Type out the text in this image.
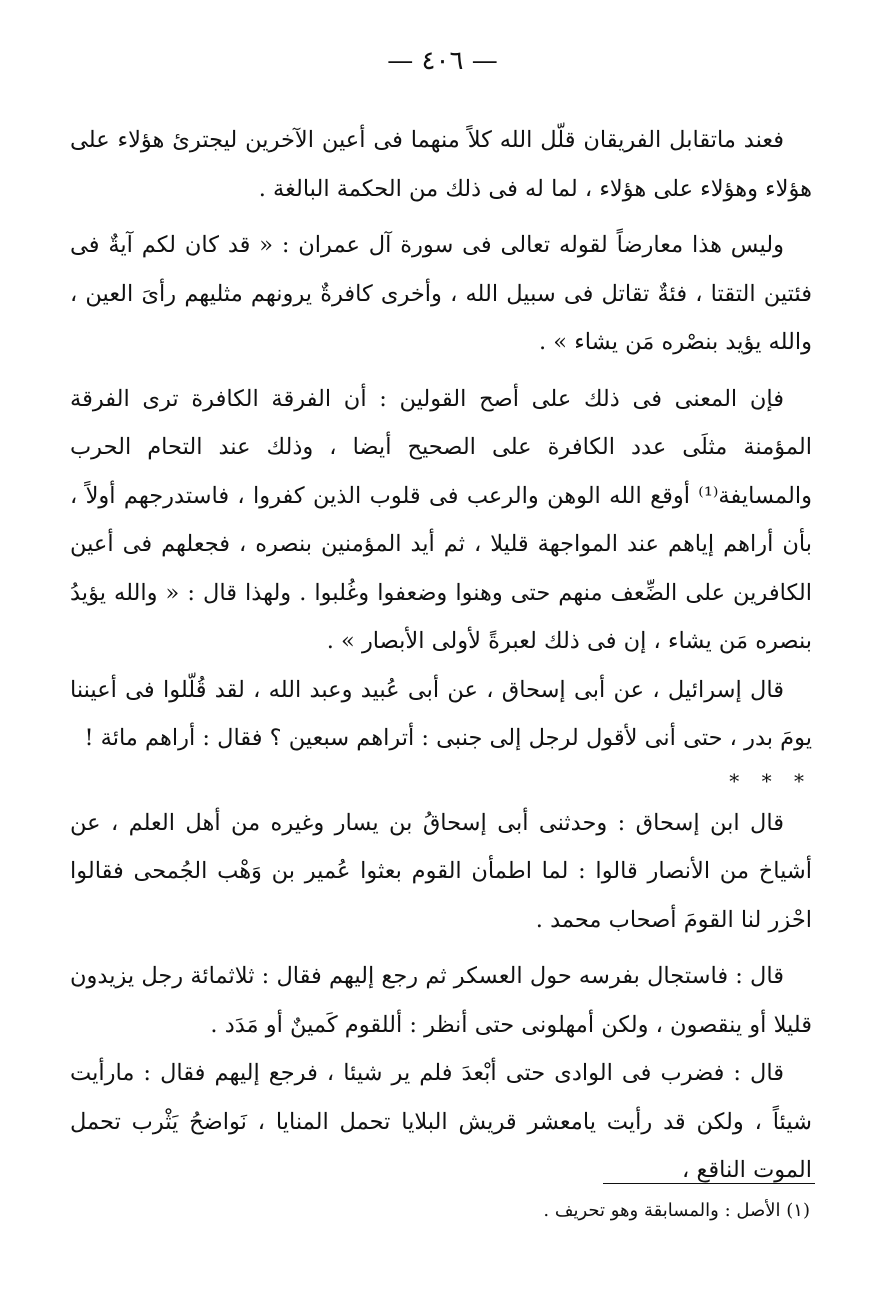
— ٤٠٦ —

فعند ماتقابل الفريقان قلّل الله كلاً منهما فى أعين الآخرين ليجترئ هؤلاء على هؤلاء وهؤلاء على هؤلاء ، لما له فى ذلك من الحكمة البالغة .

وليس هذا معارضاً لقوله تعالى فى سورة آل عمران : « قد كان لكم آيةٌ فى فئتين التقتا ، فئةٌ تقاتل فى سبيل الله ، وأخرى كافرةٌ يرونهم مثليهم رأىَ العين ، والله يؤيد بنصْره مَن يشاء » .

فإن المعنى فى ذلك على أصح القولين : أن الفرقة الكافرة ترى الفرقة المؤمنة مثلَى عدد الكافرة على الصحيح أيضا ، وذلك عند التحام الحرب والمسايفة⁽¹⁾ أوقع الله الوهن والرعب فى قلوب الذين كفروا ، فاستدرجهم أولاً ، بأن أراهم إياهم عند المواجهة قليلا ، ثم أيد المؤمنين بنصره ، فجعلهم فى أعين الكافرين على الضِّعف منهم حتى وهنوا وضعفوا وغُلبوا . ولهذا قال : « والله يؤيدُ بنصره مَن يشاء ، إن فى ذلك لعبرةً لأولى الأبصار » .

قال إسرائيل ، عن أبى إسحاق ، عن أبى عُبيد وعبد الله ، لقد قُلّلوا فى أعيننا يومَ بدر ، حتى أنى لأقول لرجل إلى جنبى : أتراهم سبعين ؟ فقال : أراهم مائة !

* * *

قال ابن إسحاق : وحدثنى أبى إسحاقُ بن يسار وغيره من أهل العلم ، عن أشياخ من الأنصار قالوا : لما اطمأن القوم بعثوا عُمير بن وَهْب الجُمحى فقالوا احْزر لنا القومَ أصحاب محمد .

قال : فاستجال بفرسه حول العسكر ثم رجع إليهم فقال : ثلاثمائة رجل يزيدون قليلا أو ينقصون ، ولكن أمهلونى حتى أنظر : أللقوم كَمينٌ أو مَدَد .

قال : فضرب فى الوادى حتى أبْعدَ فلم ير شيئا ، فرجع إليهم فقال : مارأيت شيئاً ، ولكن قد رأيت يامعشر قريش البلايا تحمل المنايا ، نَواضحُ يَثْرب تحمل الموت الناقع ،

(١) الأصل : والمسابقة وهو تحريف .
